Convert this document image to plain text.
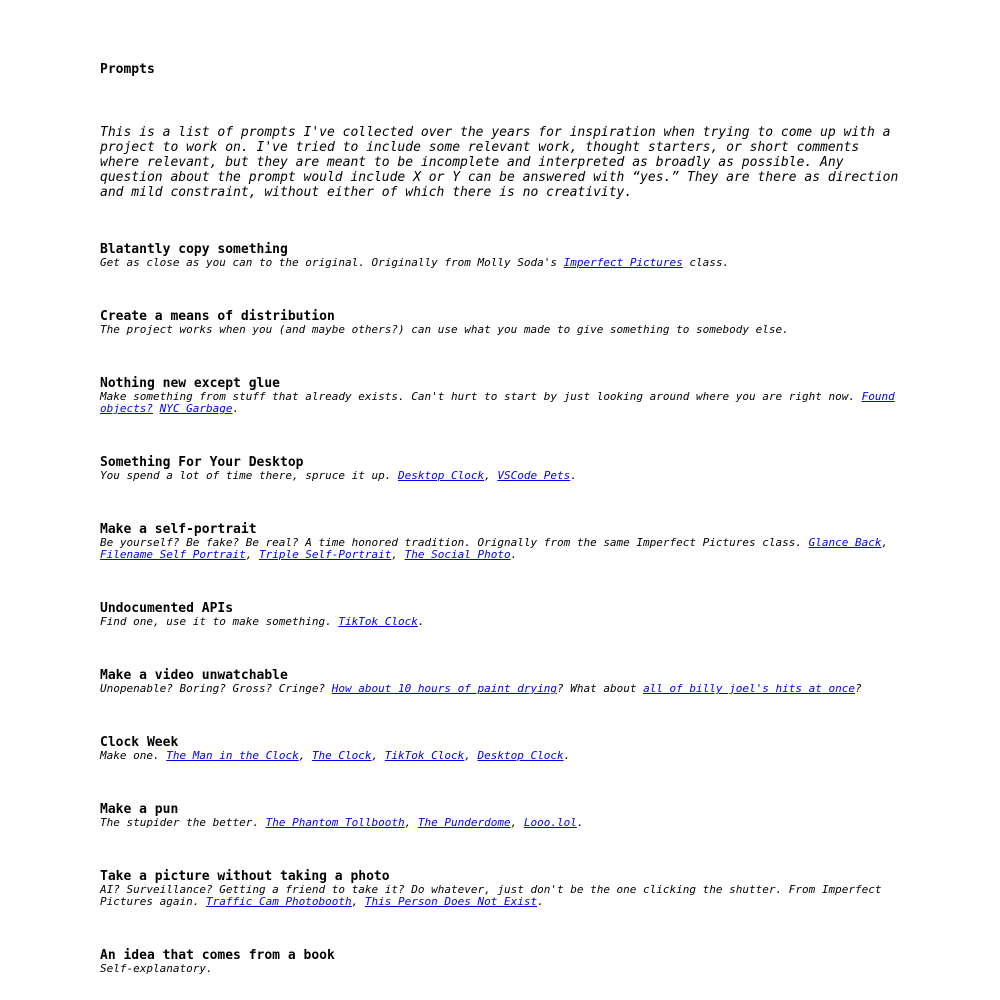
Prompts

This is a list of prompts I've collected over the years for inspiration when trying to come up with a project to work on. I've tried to include some relevant work, thought starters, or short comments where relevant, but they are meant to be incomplete and interpreted as broadly as possible. Any question about the prompt would include X or Y can be answered with “yes.” They are there as direction and mild constraint, without either of which there is no creativity.

Blatantly copy something

Get as close as you can to the original. Originally from Molly Soda's Imperfect Pictures class.

Create a means of distribution

The project works when you (and maybe others?) can use what you made to give something to somebody else.

Nothing new except glue

Make something from stuff that already exists. Can't hurt to start by just looking around where you are right now. Found objects? NYC Garbage.

Something For Your Desktop

You spend a lot of time there, spruce it up. Desktop Clock, VSCode Pets.

Make a self-portrait

Be yourself? Be fake? Be real? A time honored tradition. Orignally from the same Imperfect Pictures class. Glance Back, Filename Self Portrait, Triple Self-Portrait, The Social Photo.

Undocumented APIs

Find one, use it to make something. TikTok Clock.

Make a video unwatchable

Unopenable? Boring? Gross? Cringe? How about 10 hours of paint drying? What about all of billy joel's hits at once?

Clock Week

Make one. The Man in the Clock, The Clock, TikTok Clock, Desktop Clock.

Make a pun

The stupider the better. The Phantom Tollbooth, The Punderdome, Looo.lol.

Take a picture without taking a photo

AI? Surveillance? Getting a friend to take it? Do whatever, just don't be the one clicking the shutter. From Imperfect Pictures again. Traffic Cam Photobooth, This Person Does Not Exist.

An idea that comes from a book

Self-explanatory.
